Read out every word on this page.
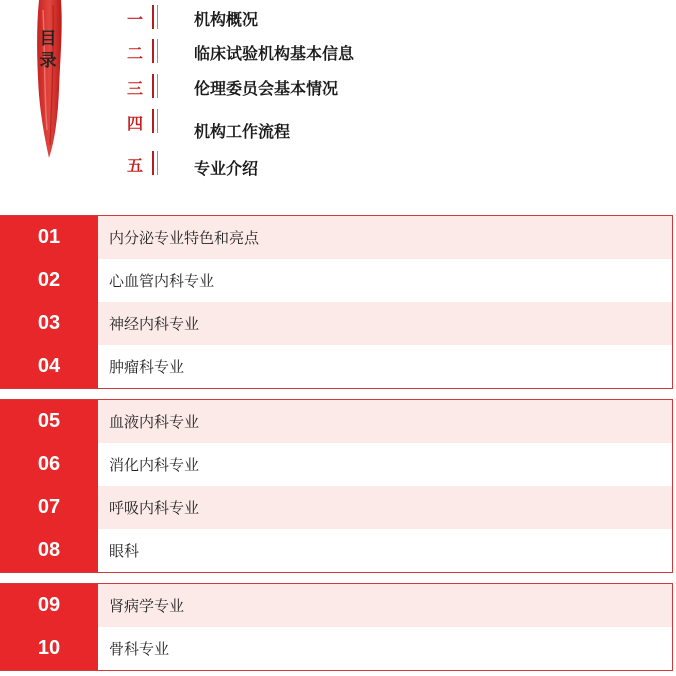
目录
一	机构概况
二	临床试验机构基本信息
三	伦理委员会基本情况
四	机构工作流程
五	专业介绍
01	内分泌专业特色和亮点
02	心血管内科专业
03	神经内科专业
04	肿瘤科专业
05	血液内科专业
06	消化内科专业
07	呼吸内科专业
08	眼科
09	肾病学专业
10	骨科专业
